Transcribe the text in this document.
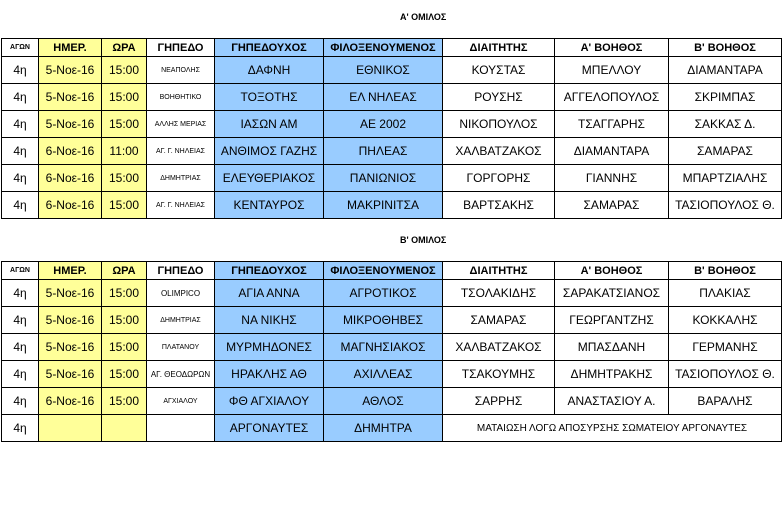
Α' ΟΜΙΛΟΣ
ΑΓΩΝ	ΗΜΕΡ.	ΩΡΑ	ΓΗΠΕΔΟ	ΓΗΠΕΔΟΥΧΟΣ	ΦΙΛΟΞΕΝΟΥΜΕΝΟΣ	ΔΙΑΙΤΗΤΗΣ	Α' ΒΟΗΘΟΣ	Β' ΒΟΗΘΟΣ
4η	5-Νοε-16	15:00	ΝΕΑΠΟΛΗΣ	ΔΑΦΝΗ	ΕΘΝΙΚΟΣ	ΚΟΥΣΤΑΣ	ΜΠΕΛΛΟΥ	ΔΙΑΜΑΝΤΑΡΑ
4η	5-Νοε-16	15:00	ΒΟΗΘΗΤΙΚΟ	ΤΟΞΟΤΗΣ	ΕΛ ΝΗΛΕΑΣ	ΡΟΥΣΗΣ	ΑΓΓΕΛΟΠΟΥΛΟΣ	ΣΚΡΙΜΠΑΣ
4η	5-Νοε-16	15:00	ΑΛΛΗΣ ΜΕΡΙΑΣ	ΙΑΣΩΝ ΑΜ	ΑΕ 2002	ΝΙΚΟΠΟΥΛΟΣ	ΤΣΑΓΓΑΡΗΣ	ΣΑΚΚΑΣ Δ.
4η	6-Νοε-16	11:00	ΑΓ. Γ. ΝΗΛΕΙΑΣ	ΑΝΘΙΜΟΣ ΓΑΖΗΣ	ΠΗΛΕΑΣ	ΧΑΛΒΑΤΖΑΚΟΣ	ΔΙΑΜΑΝΤΑΡΑ	ΣΑΜΑΡΑΣ
4η	6-Νοε-16	15:00	ΔΗΜΗΤΡΙΑΣ	ΕΛΕΥΘΕΡΙΑΚΟΣ	ΠΑΝΙΩΝΙΟΣ	ΓΟΡΓΟΡΗΣ	ΓΙΑΝΝΗΣ	ΜΠΑΡΤΖΙΑΛΗΣ
4η	6-Νοε-16	15:00	ΑΓ. Γ. ΝΗΛΕΙΑΣ	ΚΕΝΤΑΥΡΟΣ	ΜΑΚΡΙΝΙΤΣΑ	ΒΑΡΤΣΑΚΗΣ	ΣΑΜΑΡΑΣ	ΤΑΣΙΟΠΟΥΛΟΣ Θ.
Β' ΟΜΙΛΟΣ
ΑΓΩΝ	ΗΜΕΡ.	ΩΡΑ	ΓΗΠΕΔΟ	ΓΗΠΕΔΟΥΧΟΣ	ΦΙΛΟΞΕΝΟΥΜΕΝΟΣ	ΔΙΑΙΤΗΤΗΣ	Α' ΒΟΗΘΟΣ	Β' ΒΟΗΘΟΣ
4η	5-Νοε-16	15:00	OLIMPICO	ΑΓΙΑ ΑΝΝΑ	ΑΓΡΟΤΙΚΟΣ	ΤΣΟΛΑΚΙΔΗΣ	ΣΑΡΑΚΑΤΣΙΑΝΟΣ	ΠΛΑΚΙΑΣ
4η	5-Νοε-16	15:00	ΔΗΜΗΤΡΙΑΣ	ΝΑ ΝΙΚΗΣ	ΜΙΚΡΟΘΗΒΕΣ	ΣΑΜΑΡΑΣ	ΓΕΩΡΓΑΝΤΖΗΣ	ΚΟΚΚΑΛΗΣ
4η	5-Νοε-16	15:00	ΠΛΑΤΑΝΟΥ	ΜΥΡΜΗΔΟΝΕΣ	ΜΑΓΝΗΣΙΑΚΟΣ	ΧΑΛΒΑΤΖΑΚΟΣ	ΜΠΑΣΔΑΝΗ	ΓΕΡΜΑΝΗΣ
4η	5-Νοε-16	15:00	ΑΓ. ΘΕΟΔΩΡΩΝ	ΗΡΑΚΛΗΣ ΑΘ	ΑΧΙΛΛΕΑΣ	ΤΣΑΚΟΥΜΗΣ	ΔΗΜΗΤΡΑΚΗΣ	ΤΑΣΙΟΠΟΥΛΟΣ Θ.
4η	6-Νοε-16	15:00	ΑΓΧΙΑΛΟΥ	ΦΘ ΑΓΧΙΑΛΟΥ	ΑΘΛΟΣ	ΣΑΡΡΗΣ	ΑΝΑΣΤΑΣΙΟΥ Α.	ΒΑΡΑΛΗΣ
4η				ΑΡΓΟΝΑΥΤΕΣ	ΔΗΜΗΤΡΑ	ΜΑΤΑΙΩΣΗ ΛΟΓΩ ΑΠΟΣΥΡΣΗΣ ΣΩΜΑΤΕΙΟΥ ΑΡΓΟΝΑΥΤΕΣ		
